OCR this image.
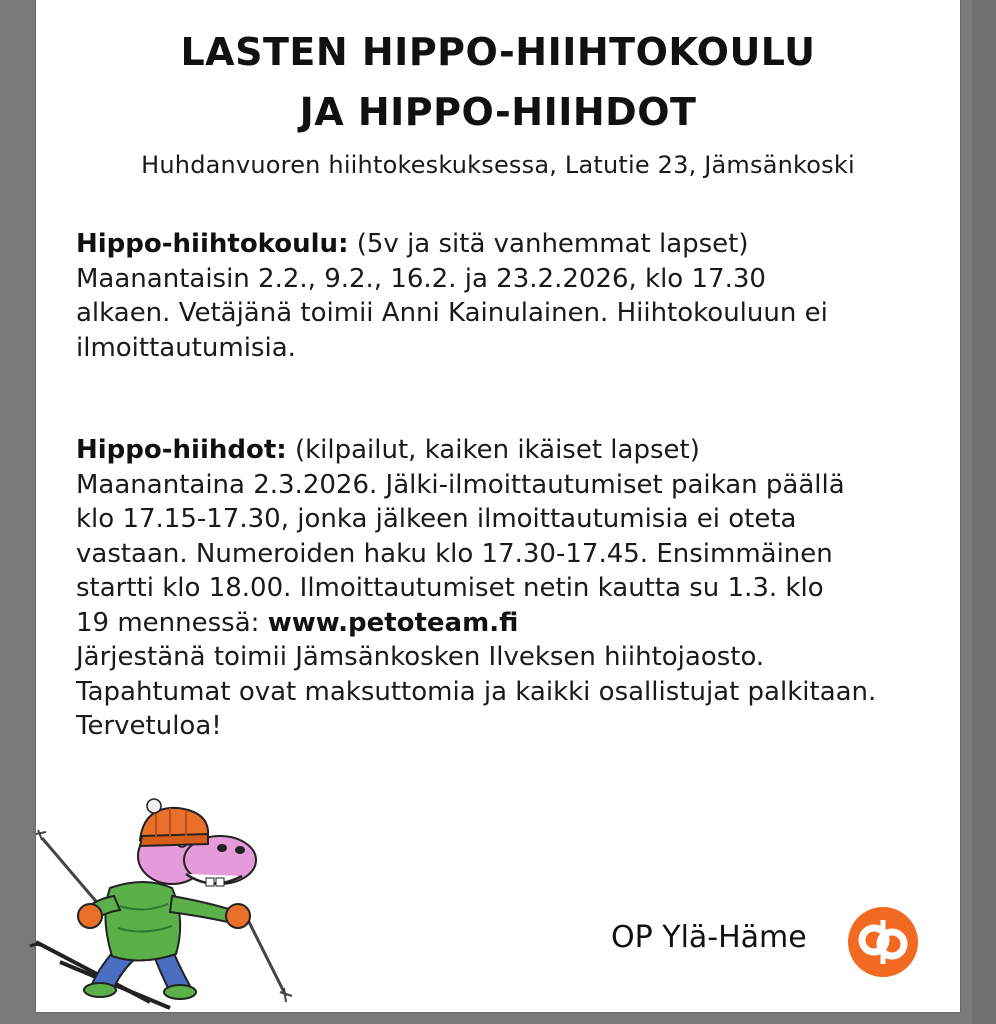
LASTEN HIPPO-HIIHTOKOULU
JA HIPPO-HIIHDOT
Huhdanvuoren hiihtokeskuksessa, Latutie 23, Jämsänkoski
Hippo-hiihtokoulu: (5v ja sitä vanhemmat lapset)
Maanantaisin 2.2., 9.2., 16.2. ja 23.2.2026, klo 17.30
alkaen. Vetäjänä toimii Anni Kainulainen. Hiihtokouluun ei
ilmoittautumisia.
Hippo-hiihdot: (kilpailut, kaiken ikäiset lapset)
Maanantaina 2.3.2026. Jälki-ilmoittautumiset paikan päällä
klo 17.15-17.30, jonka jälkeen ilmoittautumisia ei oteta
vastaan. Numeroiden haku klo 17.30-17.45. Ensimmäinen
startti klo 18.00. Ilmoittautumiset netin kautta su 1.3. klo
19 mennessä: www.petoteam.fi
Järjestänä toimii Jämsänkosken Ilveksen hiihtojaosto.
Tapahtumat ovat maksuttomia ja kaikki osallistujat palkitaan.
Tervetuloa!
OP Ylä-Häme
